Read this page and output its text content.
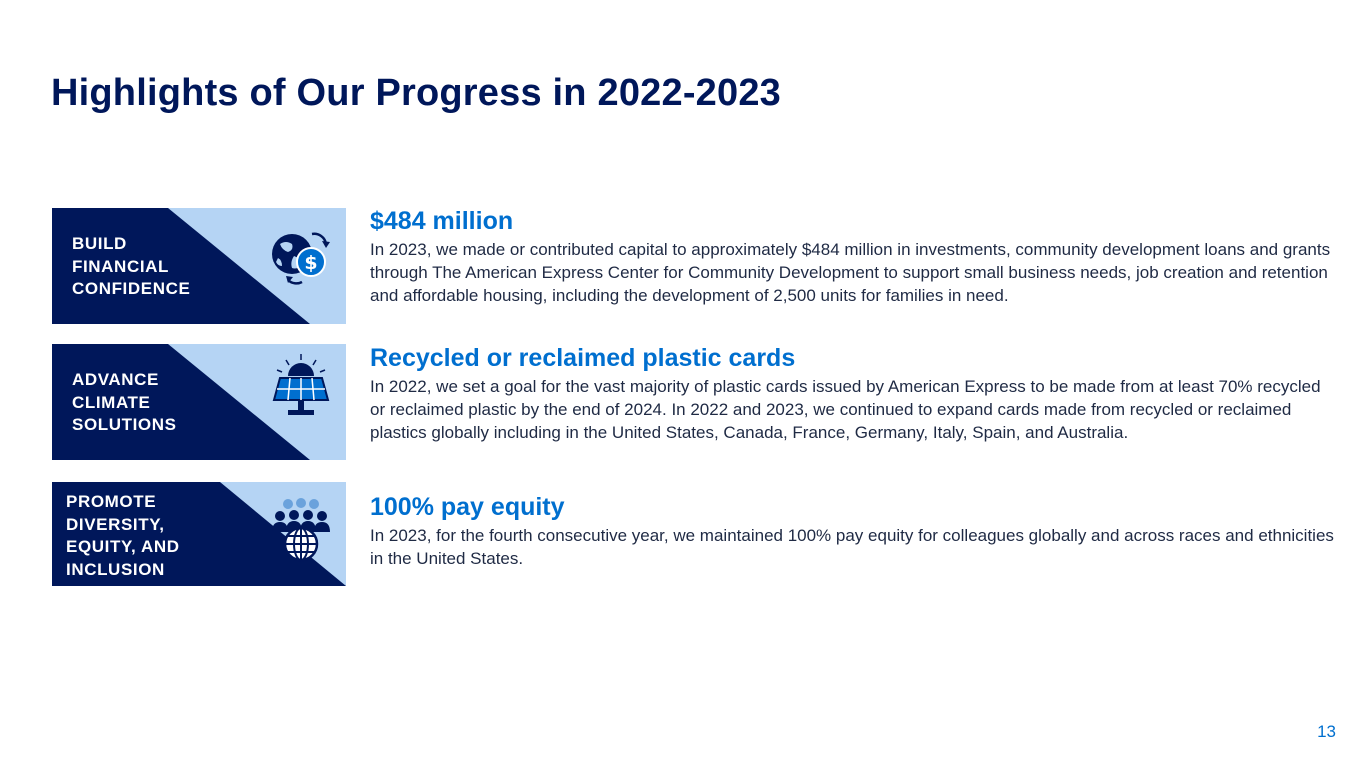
Highlights of Our Progress in 2022-2023
BUILD
FINANCIAL
CONFIDENCE
$
ADVANCE
CLIMATE
SOLUTIONS
PROMOTE
DIVERSITY,
EQUITY, AND
INCLUSION
$484 million

In 2023, we made or contributed capital to approximately $484 million in investments, community development loans and grants through The American Express Center for Community Development to support small business needs, job creation and retention and affordable housing, including the development of 2,500 units for families in need.

Recycled or reclaimed plastic cards

In 2022, we set a goal for the vast majority of plastic cards issued by American Express to be made from at least 70% recycled or reclaimed plastic by the end of 2024. In 2022 and 2023, we continued to expand cards made from recycled or reclaimed plastics globally including in the United States, Canada, France, Germany, Italy, Spain, and Australia.

100% pay equity

In 2023, for the fourth consecutive year, we maintained 100% pay equity for colleagues globally and across races and ethnicities in the United States.

13
